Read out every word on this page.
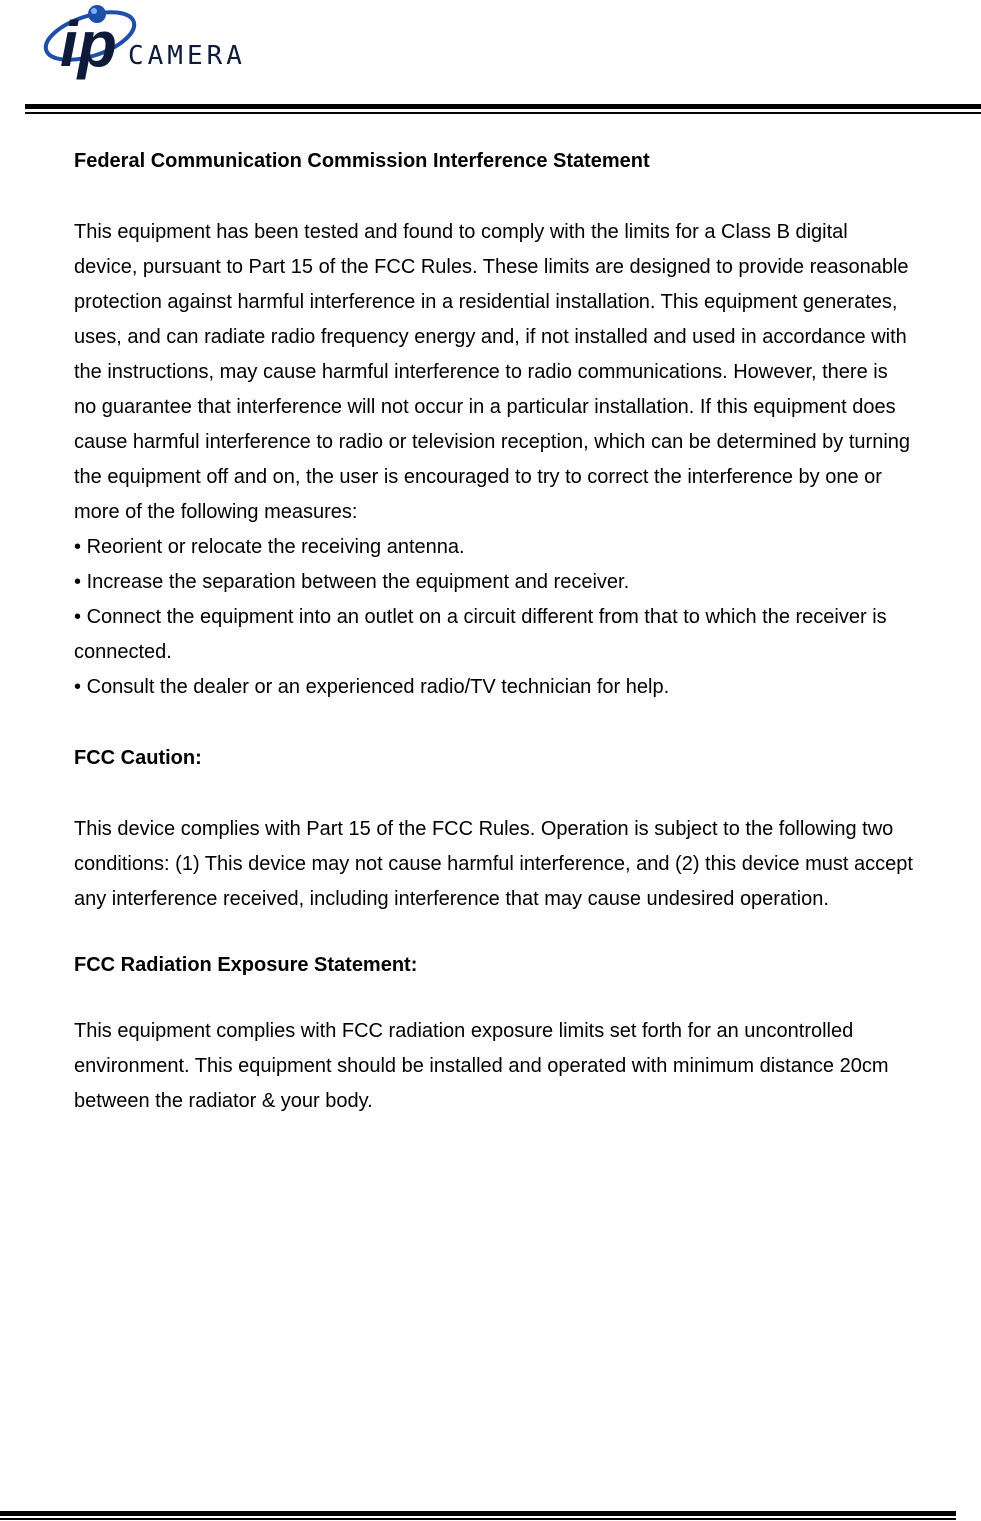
ip CAMERA
Federal Communication Commission Interference Statement

This equipment has been tested and found to comply with the limits for a Class B digital device, pursuant to Part 15 of the FCC Rules. These limits are designed to provide reasonable protection against harmful interference in a residential installation. This equipment generates, uses, and can radiate radio frequency energy and, if not installed and used in accordance with the instructions, may cause harmful interference to radio communications. However, there is no guarantee that interference will not occur in a particular installation. If this equipment does cause harmful interference to radio or television reception, which can be determined by turning the equipment off and on, the user is encouraged to try to correct the interference by one or more of the following measures:

• Reorient or relocate the receiving antenna.
• Increase the separation between the equipment and receiver.
• Connect the equipment into an outlet on a circuit different from that to which the receiver is connected.
• Consult the dealer or an experienced radio/TV technician for help.
FCC Caution:

This device complies with Part 15 of the FCC Rules. Operation is subject to the following two conditions: (1) This device may not cause harmful interference, and (2) this device must accept any interference received, including interference that may cause undesired operation.

FCC Radiation Exposure Statement:

This equipment complies with FCC radiation exposure limits set forth for an uncontrolled environment. This equipment should be installed and operated with minimum distance 20cm between the radiator & your body.
